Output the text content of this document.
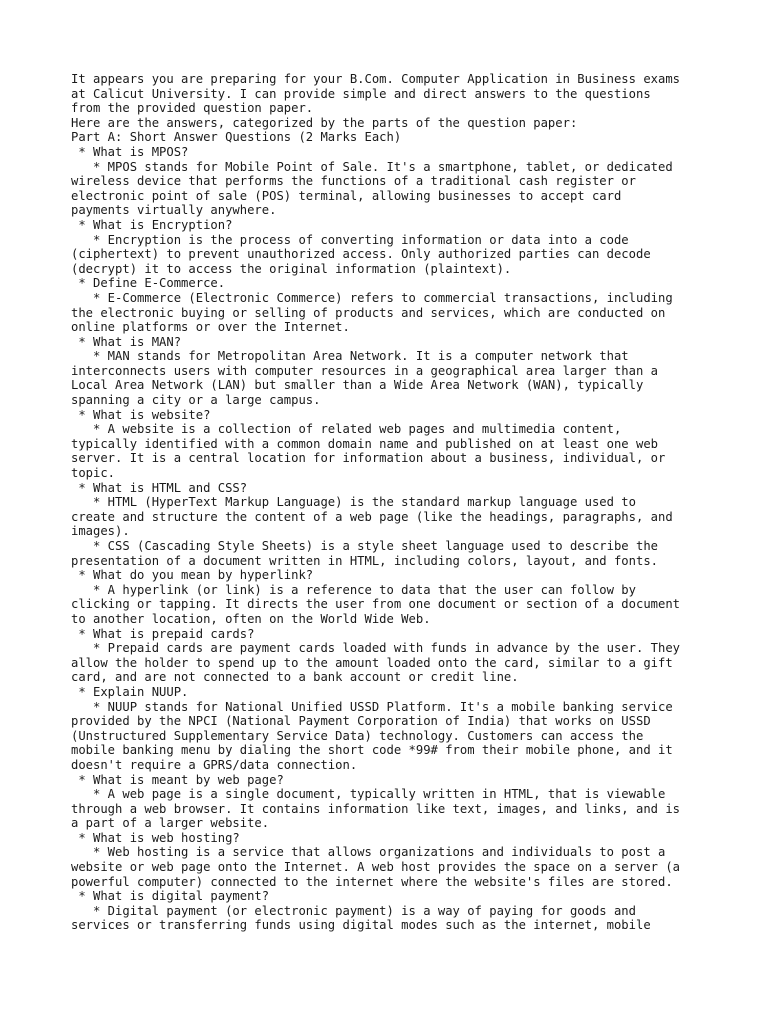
It appears you are preparing for your B.Com. Computer Application in Business exams
at Calicut University. I can provide simple and direct answers to the questions
from the provided question paper.
Here are the answers, categorized by the parts of the question paper:
Part A: Short Answer Questions (2 Marks Each)
* What is MPOS?
* MPOS stands for Mobile Point of Sale. It's a smartphone, tablet, or dedicated
wireless device that performs the functions of a traditional cash register or
electronic point of sale (POS) terminal, allowing businesses to accept card
payments virtually anywhere.
* What is Encryption?
* Encryption is the process of converting information or data into a code
(ciphertext) to prevent unauthorized access. Only authorized parties can decode
(decrypt) it to access the original information (plaintext).
* Define E-Commerce.
* E-Commerce (Electronic Commerce) refers to commercial transactions, including
the electronic buying or selling of products and services, which are conducted on
online platforms or over the Internet.
* What is MAN?
* MAN stands for Metropolitan Area Network. It is a computer network that
interconnects users with computer resources in a geographical area larger than a
Local Area Network (LAN) but smaller than a Wide Area Network (WAN), typically
spanning a city or a large campus.
* What is website?
* A website is a collection of related web pages and multimedia content,
typically identified with a common domain name and published on at least one web
server. It is a central location for information about a business, individual, or
topic.
* What is HTML and CSS?
* HTML (HyperText Markup Language) is the standard markup language used to
create and structure the content of a web page (like the headings, paragraphs, and
images).
* CSS (Cascading Style Sheets) is a style sheet language used to describe the
presentation of a document written in HTML, including colors, layout, and fonts.
* What do you mean by hyperlink?
* A hyperlink (or link) is a reference to data that the user can follow by
clicking or tapping. It directs the user from one document or section of a document
to another location, often on the World Wide Web.
* What is prepaid cards?
* Prepaid cards are payment cards loaded with funds in advance by the user. They
allow the holder to spend up to the amount loaded onto the card, similar to a gift
card, and are not connected to a bank account or credit line.
* Explain NUUP.
* NUUP stands for National Unified USSD Platform. It's a mobile banking service
provided by the NPCI (National Payment Corporation of India) that works on USSD
(Unstructured Supplementary Service Data) technology. Customers can access the
mobile banking menu by dialing the short code *99# from their mobile phone, and it
doesn't require a GPRS/data connection.
* What is meant by web page?
* A web page is a single document, typically written in HTML, that is viewable
through a web browser. It contains information like text, images, and links, and is
a part of a larger website.
* What is web hosting?
* Web hosting is a service that allows organizations and individuals to post a
website or web page onto the Internet. A web host provides the space on a server (a
powerful computer) connected to the internet where the website's files are stored.
* What is digital payment?
* Digital payment (or electronic payment) is a way of paying for goods and
services or transferring funds using digital modes such as the internet, mobile
